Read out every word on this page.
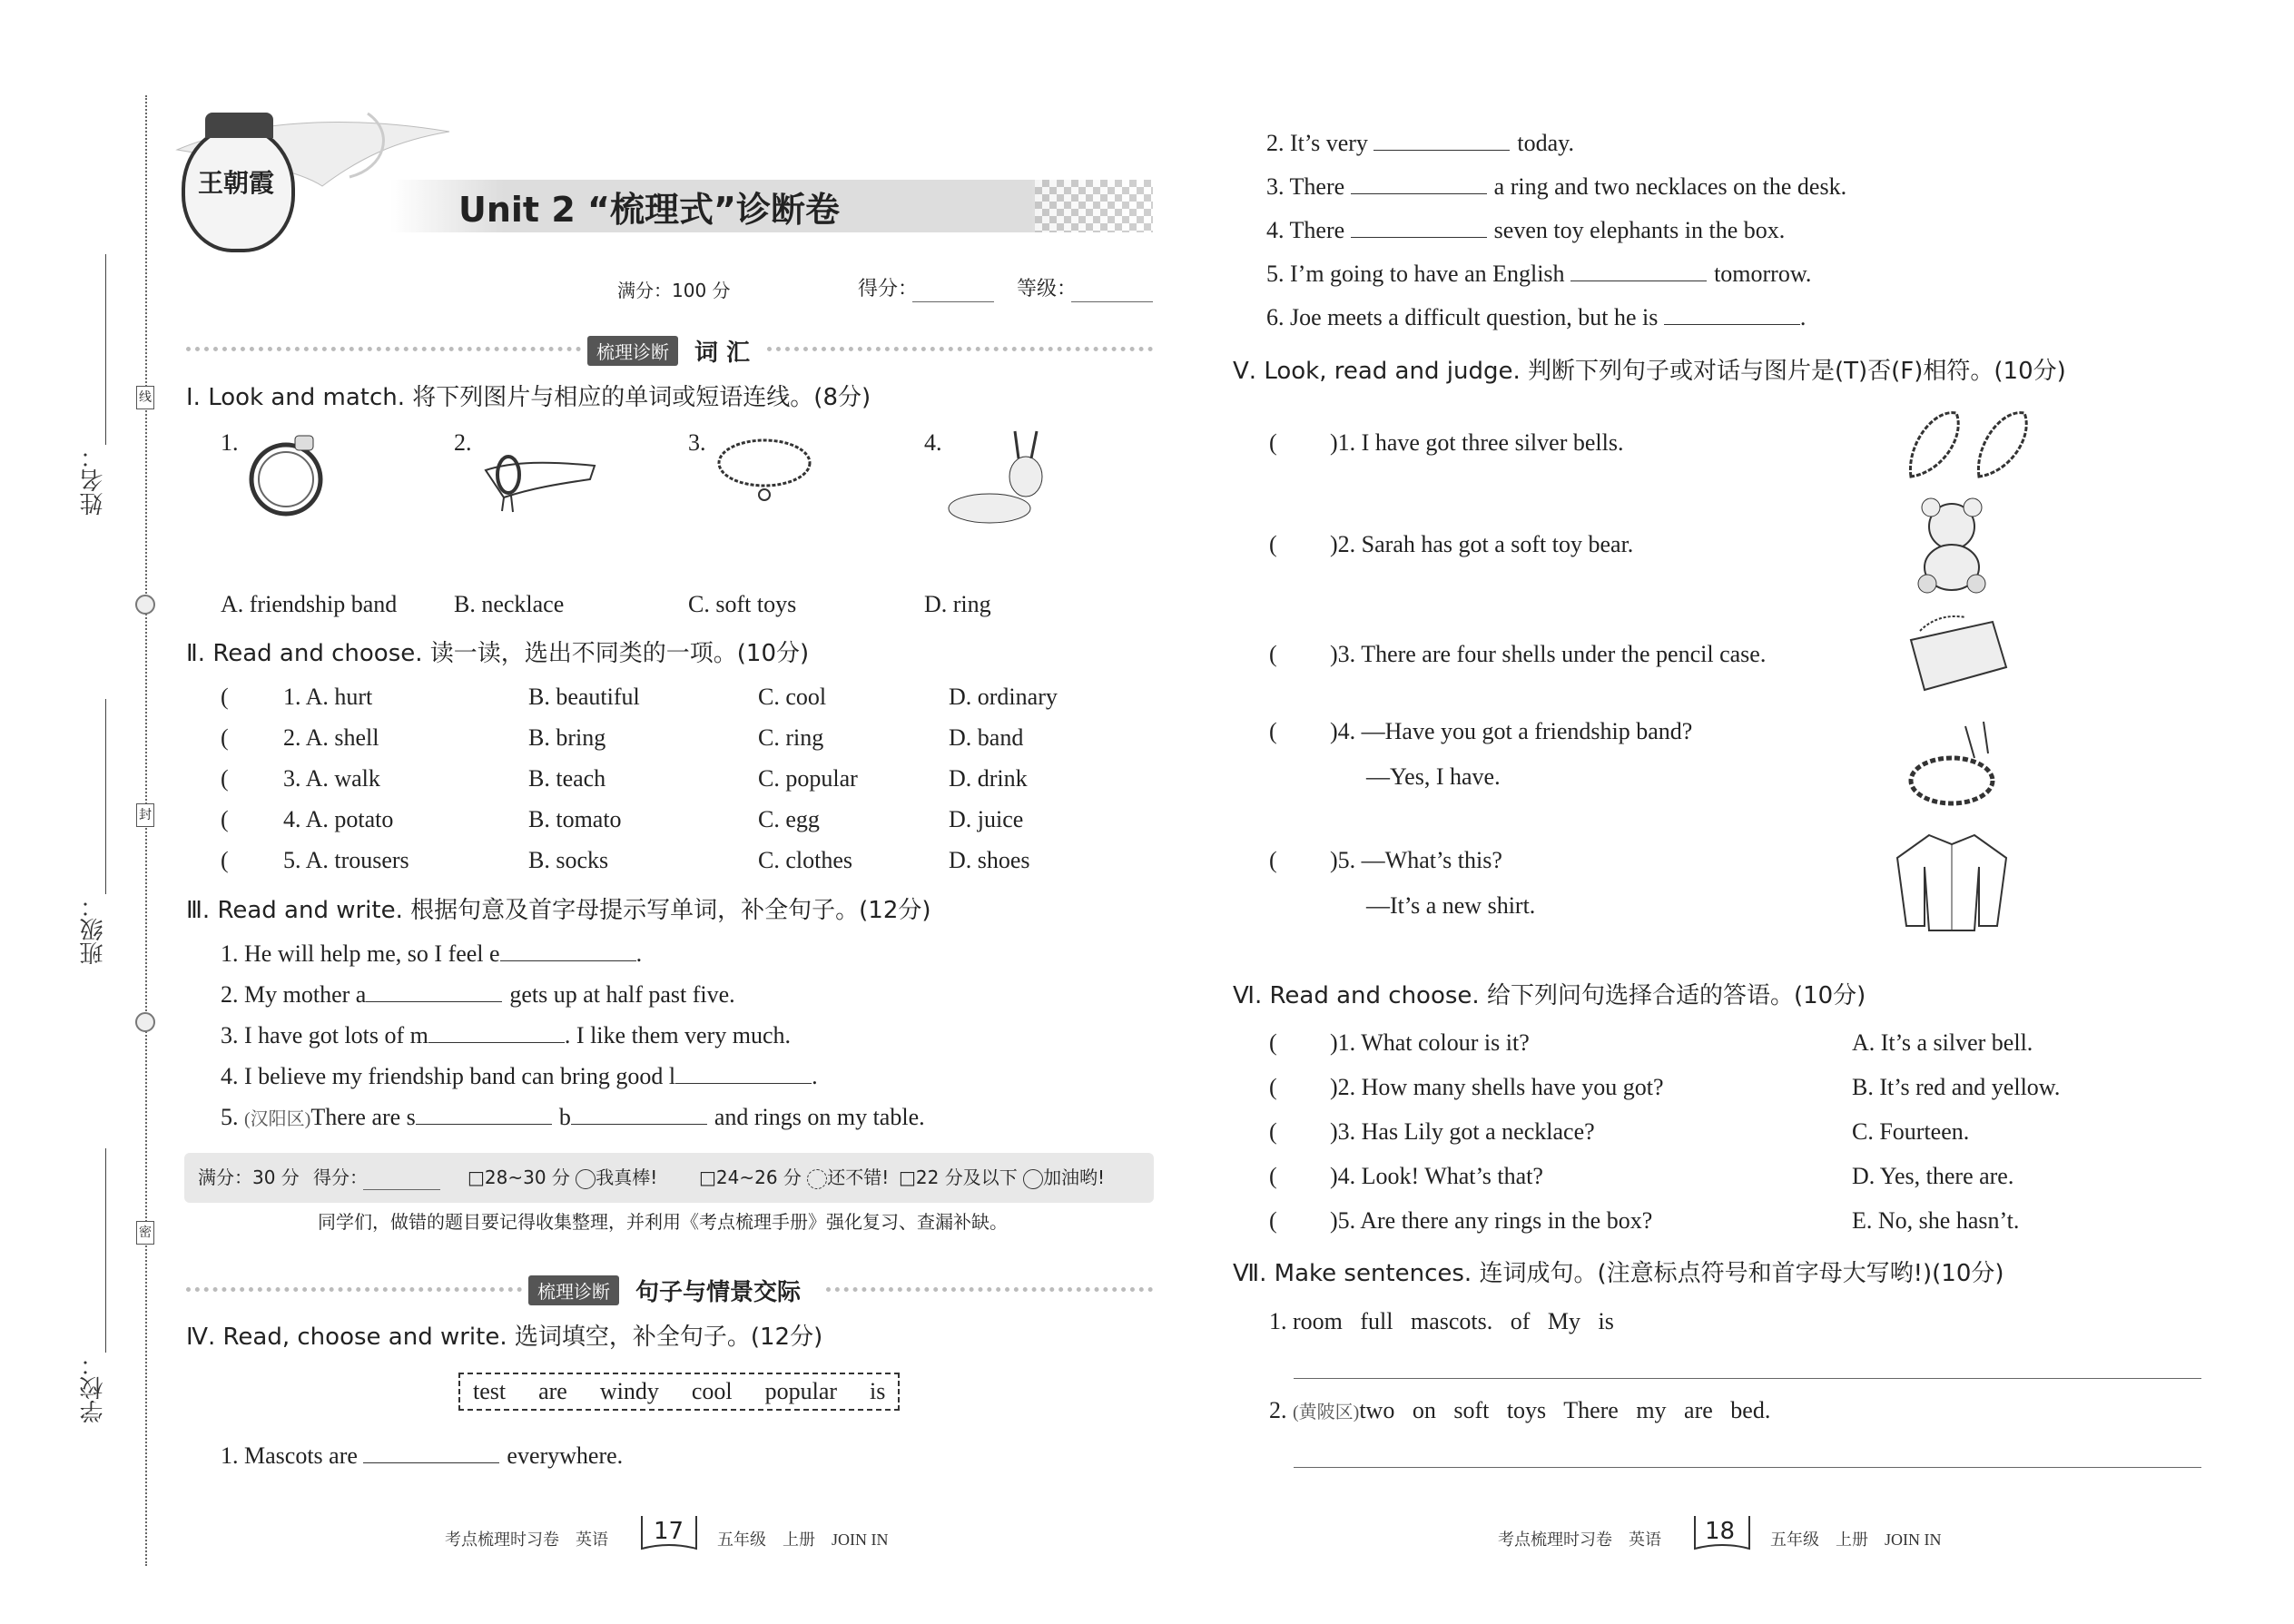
姓名：
班级：
学校：
线
封
密
王朝霞
Unit 2 “梳理式”诊断卷
满分：100 分	得分：	等级：
梳理诊断	词 汇
Ⅰ. Look and match. 将下列图片与相应的单词或短语连线。(8分)
1.	2.	3.	4.
A. friendship band B. necklace	C. soft toys	D. ring
Ⅱ. Read and choose. 读一读，选出不同类的一项。(10分)
( 1. A. hurt	B. beautiful	C. cool	D. ordinary
( 2. A. shell	B. bring	C. ring	D. band
( 3. A. walk	B. teach	C. popular	D. drink
( 4. A. potato	B. tomato	C. egg	D. juice
( 5. A. trousers	B. socks	C. clothes	D. shoes
Ⅲ. Read and write. 根据句意及首字母提示写单词，补全句子。(12分)
1. He will help me, so I feel e	.
2. My mother a	gets up at half past five.
3. I have got lots of m	. I like them very much.
4. I believe my friendship band can bring good l	.
5. (汉阳区)There are s	b	and rings on my table.
满分：30 分 得分：	□28~30 分 我真棒! □24~26 分 还不错! □22 分及以下 加油哟!
同学们，做错的题目要记得收集整理，并利用《考点梳理手册》强化复习、查漏补缺。
梳理诊断	句子与情景交际
Ⅳ. Read, choose and write. 选词填空，补全句子。(12分)
test are windy cool popular is
1. Mascots are	everywhere.
考点梳理时习卷　英语 17 五年级　上册　JOIN IN
2. It’s very	today.
3. There	a ring and two necklaces on the desk.
4. There	seven toy elephants in the box.
5. I’m going to have an English	tomorrow.
6. Joe meets a difficult question, but he is	.
Ⅴ. Look, read and judge. 判断下列句子或对话与图片是(T)否(F)相符。(10分)
( )1. I have got three silver bells.
( )2. Sarah has got a soft toy bear.
( )3. There are four shells under the pencil case.
( )4. —Have you got a friendship band?
—Yes, I have.
( )5. —What’s this?
—It’s a new shirt.
Ⅵ. Read and choose. 给下列问句选择合适的答语。(10分)
( )1. What colour is it?	A. It’s a silver bell.
( )2. How many shells have you got?	B. It’s red and yellow.
( )3. Has Lily got a necklace?	C. Fourteen.
( )4. Look! What’s that?	D. Yes, there are.
( )5. Are there any rings in the box?	E. No, she hasn’t.
Ⅶ. Make sentences. 连词成句。(注意标点符号和首字母大写哟!)(10分)
1. room   full   mascots.   of   My   is
2. (黄陂区)two   on   soft   toys   There   my   are   bed.
考点梳理时习卷　英语 18 五年级　上册　JOIN IN
